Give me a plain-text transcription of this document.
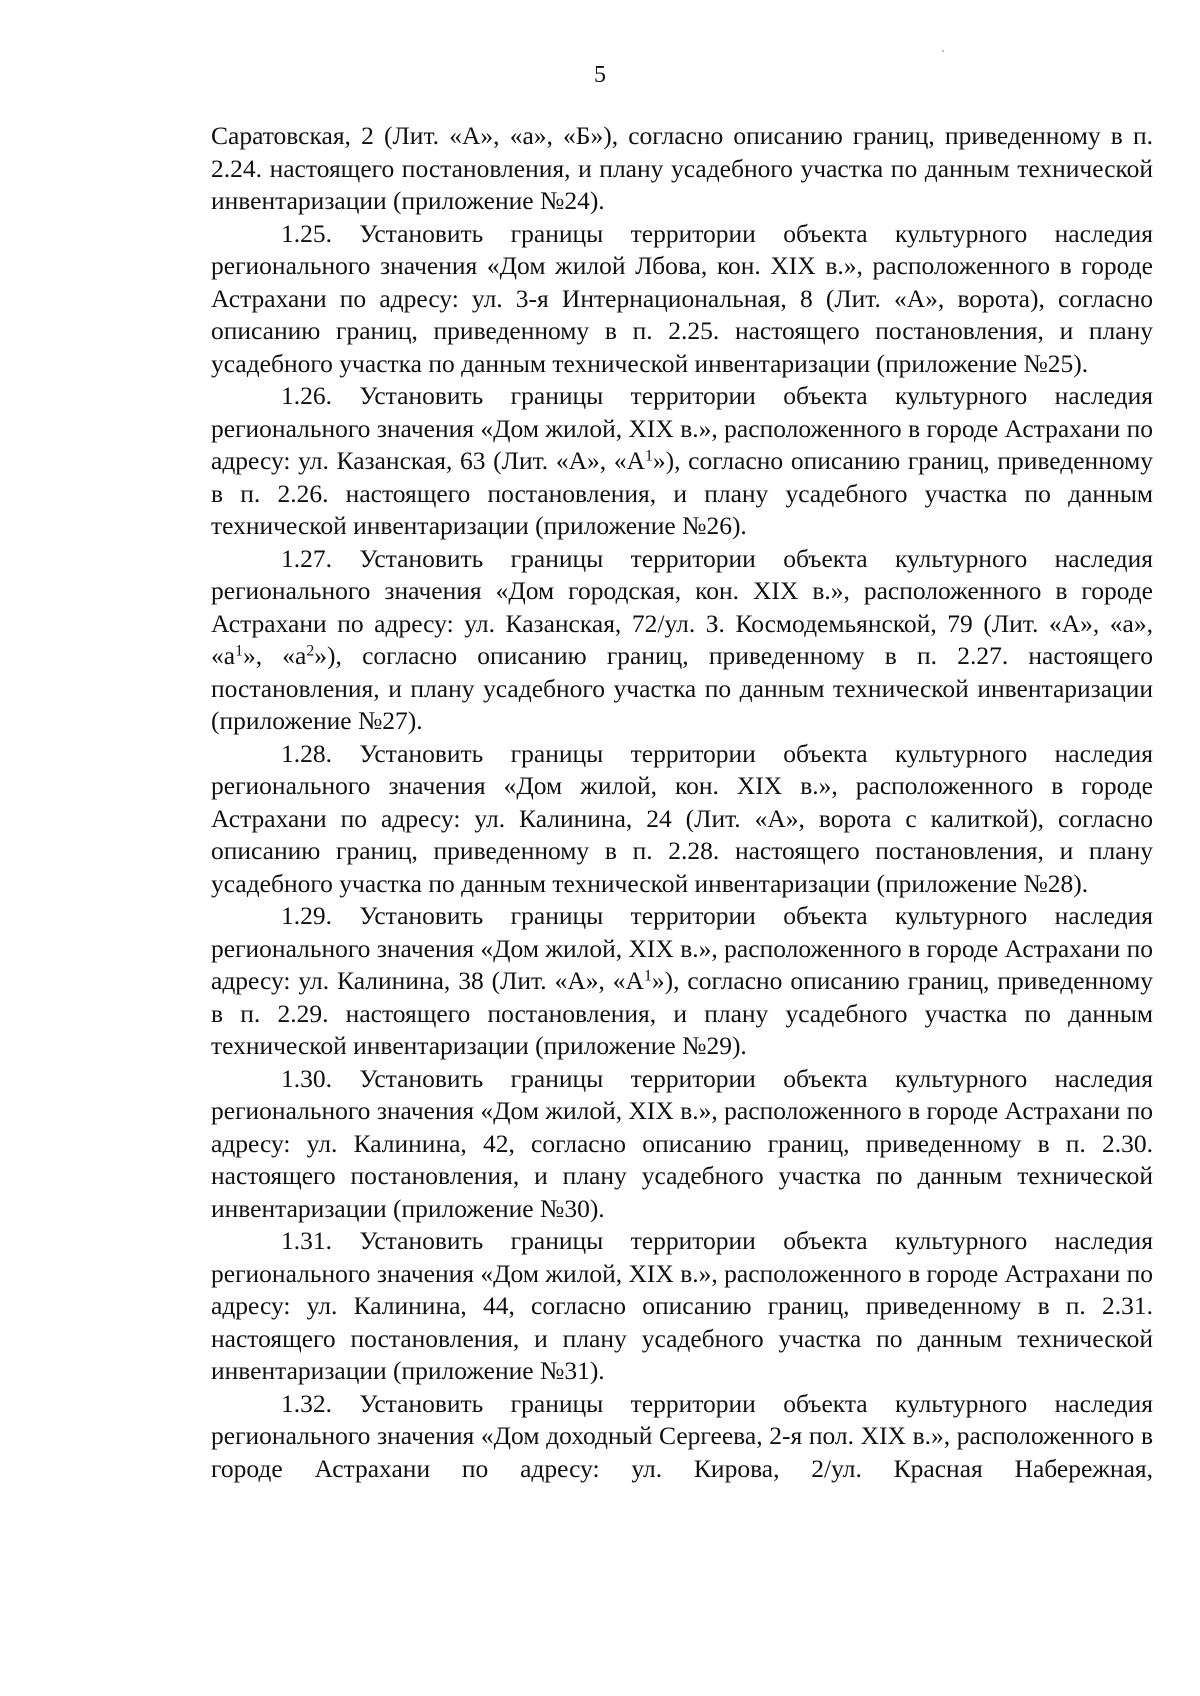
5

Саратовская, 2 (Лит. «А», «а», «Б»), согласно описанию границ, приведенному в п. 2.24. настоящего постановления, и плану усадебного участка по данным технической инвентаризации (приложение №24).

1.25. Установить границы территории объекта культурного наследия регионального значения «Дом жилой Лбова, кон. XIX в.», расположенного в городе Астрахани по адресу: ул. 3-я Интернациональная, 8 (Лит. «А», ворота), согласно описанию границ, приведенному в п. 2.25. настоящего постановления, и плану усадебного участка по данным технической инвентаризации (приложение №25).

1.26. Установить границы территории объекта культурного наследия регионального значения «Дом жилой, XIX в.», расположенного в городе Астрахани по адресу: ул. Казанская, 63 (Лит. «А», «$А^1$»), согласно описанию границ, приведенному в п. 2.26. настоящего постановления, и плану усадебного участка по данным технической инвентаризации (приложение №26).

1.27. Установить границы территории объекта культурного наследия регионального значения «Дом городская, кон. XIX в.», расположенного в городе Астрахани по адресу: ул. Казанская, 72/ул. З. Космодемьянской, 79 (Лит. «А», «а», «$а^1$», «$а^2$»), согласно описанию границ, приведенному в п. 2.27. настоящего постановления, и плану усадебного участка по данным технической инвентаризации (приложение №27).

1.28. Установить границы территории объекта культурного наследия регионального значения «Дом жилой, кон. XIX в.», расположенного в городе Астрахани по адресу: ул. Калинина, 24 (Лит. «А», ворота с калиткой), согласно описанию границ, приведенному в п. 2.28. настоящего постановления, и плану усадебного участка по данным технической инвентаризации (приложение №28).

1.29. Установить границы территории объекта культурного наследия регионального значения «Дом жилой, XIX в.», расположенного в городе Астрахани по адресу: ул. Калинина, 38 (Лит. «А», «$А^1$»), согласно описанию границ, приведенному в п. 2.29. настоящего постановления, и плану усадебного участка по данным технической инвентаризации (приложение №29).

1.30. Установить границы территории объекта культурного наследия регионального значения «Дом жилой, XIX в.», расположенного в городе Астрахани по адресу: ул. Калинина, 42, согласно описанию границ, приведенному в п. 2.30. настоящего постановления, и плану усадебного участка по данным технической инвентаризации (приложение №30).

1.31. Установить границы территории объекта культурного наследия регионального значения «Дом жилой, XIX в.», расположенного в городе Астрахани по адресу: ул. Калинина, 44, согласно описанию границ, приведенному в п. 2.31. настоящего постановления, и плану усадебного участка по данным технической инвентаризации (приложение №31).

1.32. Установить границы территории объекта культурного наследия регионального значения «Дом доходный Сергеева, 2-я пол. XIX в.», расположенного в городе Астрахани по адресу: ул. Кирова, 2/ул. Красная Набережная,
